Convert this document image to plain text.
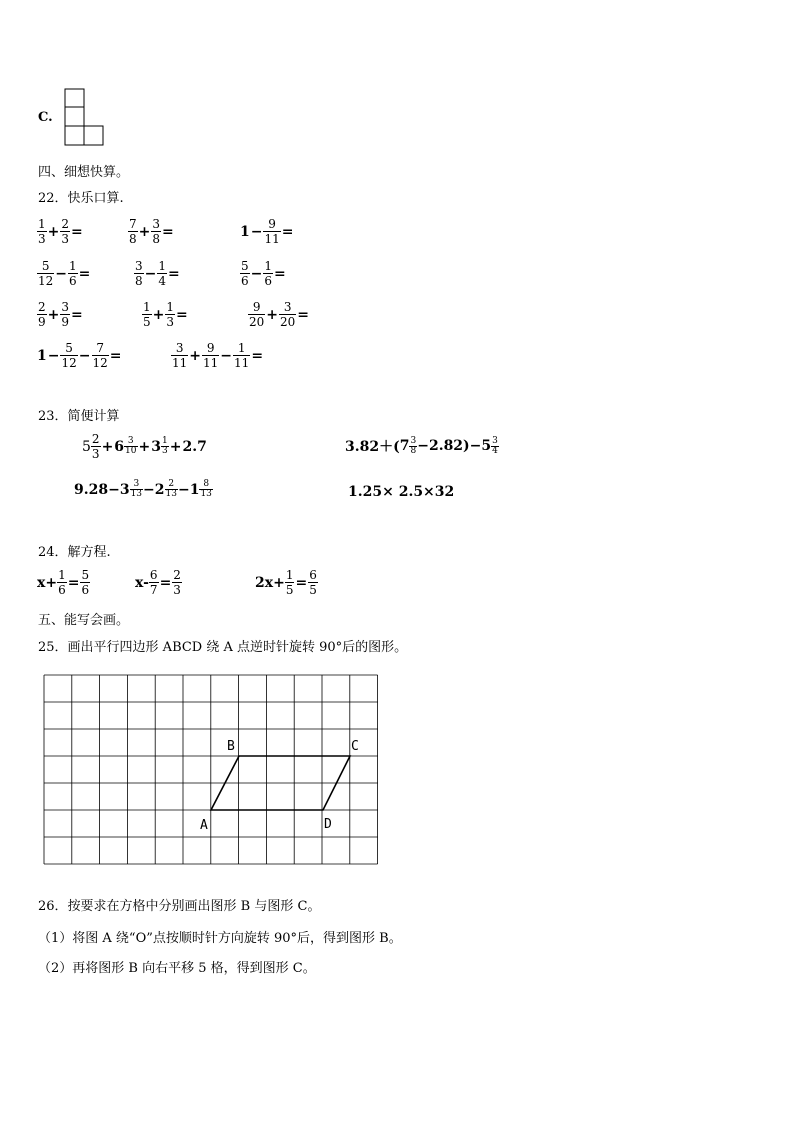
C.
四、细想快算。
22．快乐口算.
$\frac{1}{3} + \frac{2}{3}$ =	$\frac{7}{8} + \frac{3}{8}$ =	$1 - \frac{9}{11}$ =
$\frac{5}{12} - \frac{1}{6}$ =	$\frac{3}{8} - \frac{1}{4}$ =	$\frac{5}{6} - \frac{1}{6}$ =
$\frac{2}{9} + \frac{3}{9}$ =	$\frac{1}{5} + \frac{1}{3}$ =	$\frac{9}{20} + \frac{3}{20}$ =
$1 - \frac{5}{12} - \frac{7}{12}$ =	$\frac{3}{11} + \frac{9}{11} - \frac{1}{11}$ =
23．简便计算
$5 \frac{2}{3} + 6 \frac{3}{10} + 3 \frac{1}{3} + 2.7$	3.82＋( $7 \frac{3}{8} -2.82)- 5 \frac{3}{4}$
$9.28- 3 \frac{3}{13} - 2 \frac{2}{13} - 1 \frac{8}{13}$	1.25× 2.5×32
24．解方程.
$x+ \frac{1}{6} = \frac{5}{6}$	$x- \frac{6}{7} = \frac{2}{3}$	$2x+ \frac{1}{5} = \frac{6}{5}$
五、能写会画。
25．画出平行四边形 ABCD 绕 A 点逆时针旋转 90°后的图形。
A
B	C
D
26．按要求在方格中分别画出图形 B 与图形 C。
（1）将图 A 绕“O”点按顺时针方向旋转 90°后，得到图形 B。
（2）再将图形 B 向右平移 5 格，得到图形 C。
